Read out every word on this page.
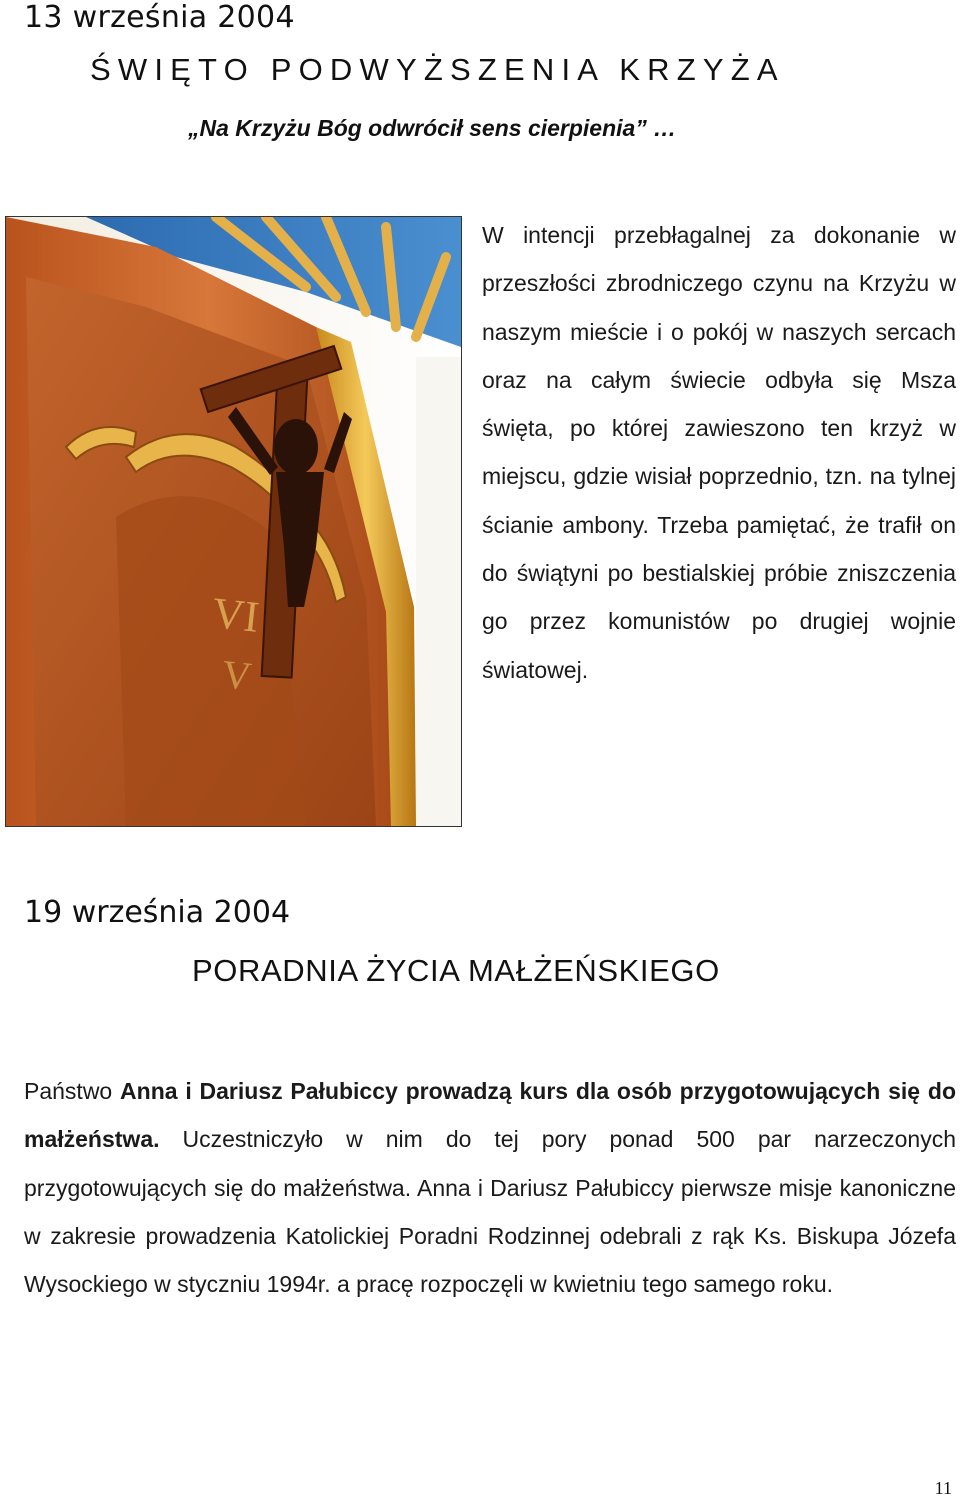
13 września 2004
ŚWIĘTO PODWYŻSZENIA KRZYŻA
„Na Krzyżu Bóg odwrócił sens cierpienia” …
VI
V
W intencji przebłagalnej za dokonanie w przeszłości zbrodniczego czynu na Krzyżu w naszym mieście i o pokój w naszych sercach oraz na całym świecie odbyła się Msza święta, po której zawieszono ten krzyż w miejscu, gdzie wisiał poprzednio, tzn. na tylnej ścianie ambony. Trzeba pamiętać, że trafił on do świątyni po bestialskiej próbie zniszczenia go przez komunistów po drugiej wojnie światowej.
19 września 2004
PORADNIA ŻYCIA MAŁŻEŃSKIEGO
Państwo Anna i Dariusz Pałubiccy prowadzą kurs dla osób przygotowujących się do małżeństwa. Uczestniczyło w nim do tej pory ponad 500 par narzeczonych przygotowujących się do małżeństwa. Anna i Dariusz Pałubiccy pierwsze misje kanoniczne w zakresie prowadzenia Katolickiej Poradni Rodzinnej odebrali z rąk Ks. Biskupa Józefa Wysockiego w styczniu 1994r. a pracę rozpoczęli w kwietniu tego samego roku.
11
